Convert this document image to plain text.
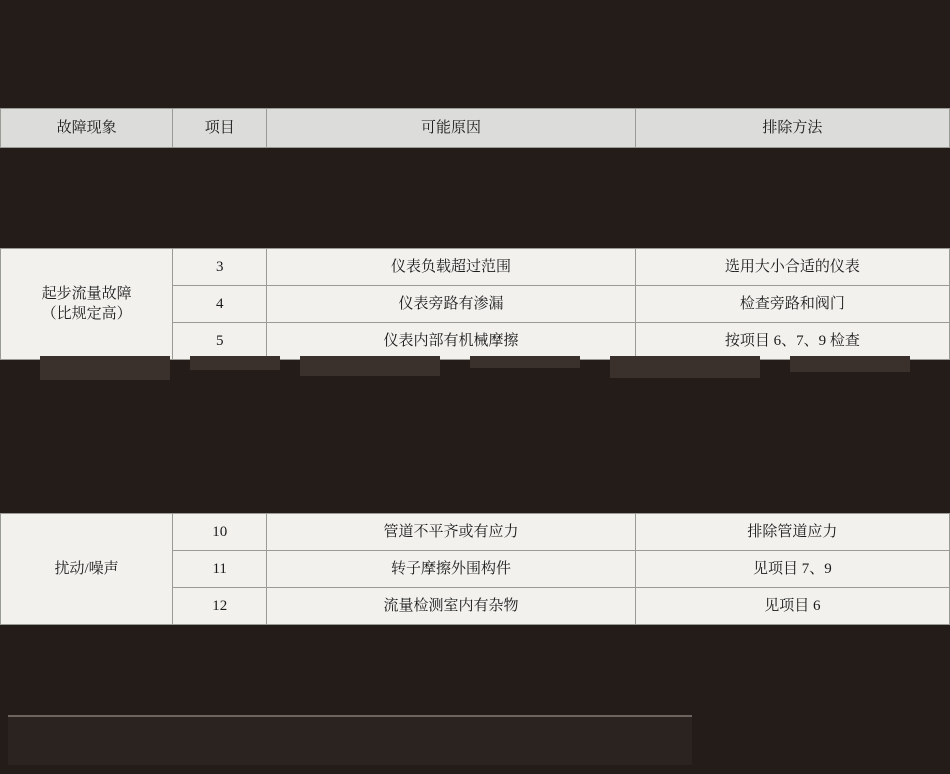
故障现象	项目	可能原因	排除方法
起步流量故障
（比规定高）	3	仪表负载超过范围	选用大小合适的仪表
	4	仪表旁路有渗漏	检查旁路和阀门
	5	仪表内部有机械摩擦	按项目 6、7、9 检查
扰动/噪声	10	管道不平齐或有应力	排除管道应力
	11	转子摩擦外围构件	见项目 7、9
	12	流量检测室内有杂物	见项目 6
